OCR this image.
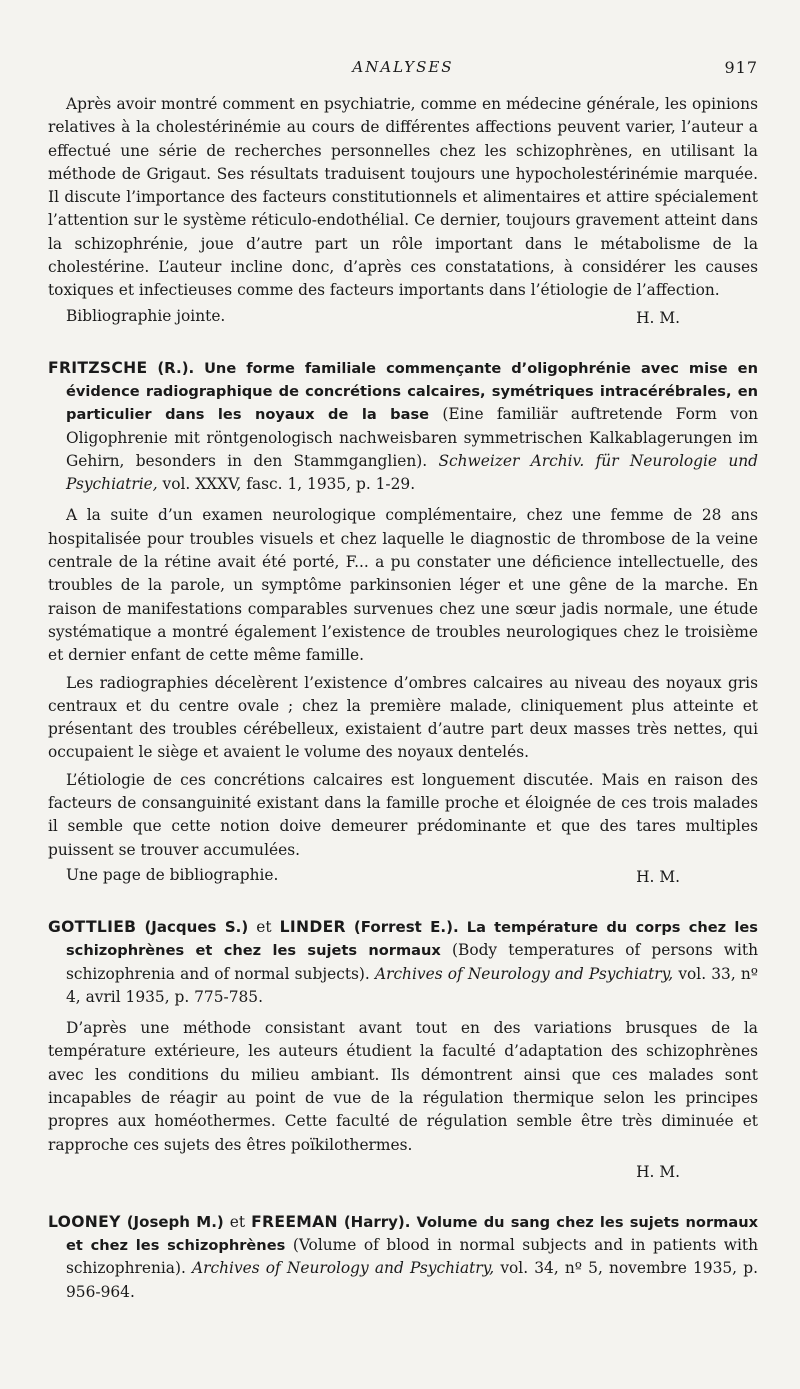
ANALYSES	917

Après avoir montré comment en psychiatrie, comme en médecine générale, les opinions relatives à la cholestérinémie au cours de différentes affections peuvent varier, l’auteur a effectué une série de recherches personnelles chez les schizophrènes, en utilisant la méthode de Grigaut. Ses résultats traduisent toujours une hypocholestérinémie marquée. Il discute l’importance des facteurs constitutionnels et alimentaires et attire spécialement l’attention sur le système réticulo-endothélial. Ce dernier, toujours gravement atteint dans la schizophrénie, joue d’autre part un rôle important dans le métabolisme de la cholestérine. L’auteur incline donc, d’après ces constatations, à considérer les causes toxiques et infectieuses comme des facteurs importants dans l’étiologie de l’affection.

Bibliographie jointe.	H. M.

FRITZSCHE (R.). Une forme familiale commençante d’oligophrénie avec mise en évidence radiographique de concrétions calcaires, symétriques intracérébrales, en particulier dans les noyaux de la base (Eine familiär auftretende Form von Oligophrenie mit röntgenologisch nachweisbaren symmetrischen Kalkablagerungen im Gehirn, besonders in den Stammganglien). Schweizer Archiv. für Neurologie und Psychiatrie, vol. XXXV, fasc. 1, 1935, p. 1-29.

A la suite d’un examen neurologique complémentaire, chez une femme de 28 ans hospitalisée pour troubles visuels et chez laquelle le diagnostic de thrombose de la veine centrale de la rétine avait été porté, F... a pu constater une déficience intellectuelle, des troubles de la parole, un symptôme parkinsonien léger et une gêne de la marche. En raison de manifestations comparables survenues chez une sœur jadis normale, une étude systématique a montré également l’existence de troubles neurologiques chez le troisième et dernier enfant de cette même famille.

Les radiographies décelèrent l’existence d’ombres calcaires au niveau des noyaux gris centraux et du centre ovale ; chez la première malade, cliniquement plus atteinte et présentant des troubles cérébelleux, existaient d’autre part deux masses très nettes, qui occupaient le siège et avaient le volume des noyaux dentelés.

L’étiologie de ces concrétions calcaires est longuement discutée. Mais en raison des facteurs de consanguinité existant dans la famille proche et éloignée de ces trois malades il semble que cette notion doive demeurer prédominante et que des tares multiples puissent se trouver accumulées.

Une page de bibliographie.	H. M.

GOTTLIEB (Jacques S.) et LINDER (Forrest E.). La température du corps chez les schizophrènes et chez les sujets normaux (Body temperatures of persons with schizophrenia and of normal subjects). Archives of Neurology and Psychiatry, vol. 33, nº 4, avril 1935, p. 775-785.

D’après une méthode consistant avant tout en des variations brusques de la température extérieure, les auteurs étudient la faculté d’adaptation des schizophrènes avec les conditions du milieu ambiant. Ils démontrent ainsi que ces malades sont incapables de réagir au point de vue de la régulation thermique selon les principes propres aux homéothermes. Cette faculté de régulation semble être très diminuée et rapproche ces sujets des êtres poïkilothermes.

H. M.

LOONEY (Joseph M.) et FREEMAN (Harry). Volume du sang chez les sujets normaux et chez les schizophrènes (Volume of blood in normal subjects and in patients with schizophrenia). Archives of Neurology and Psychiatry, vol. 34, nº 5, novembre 1935, p. 956-964.
